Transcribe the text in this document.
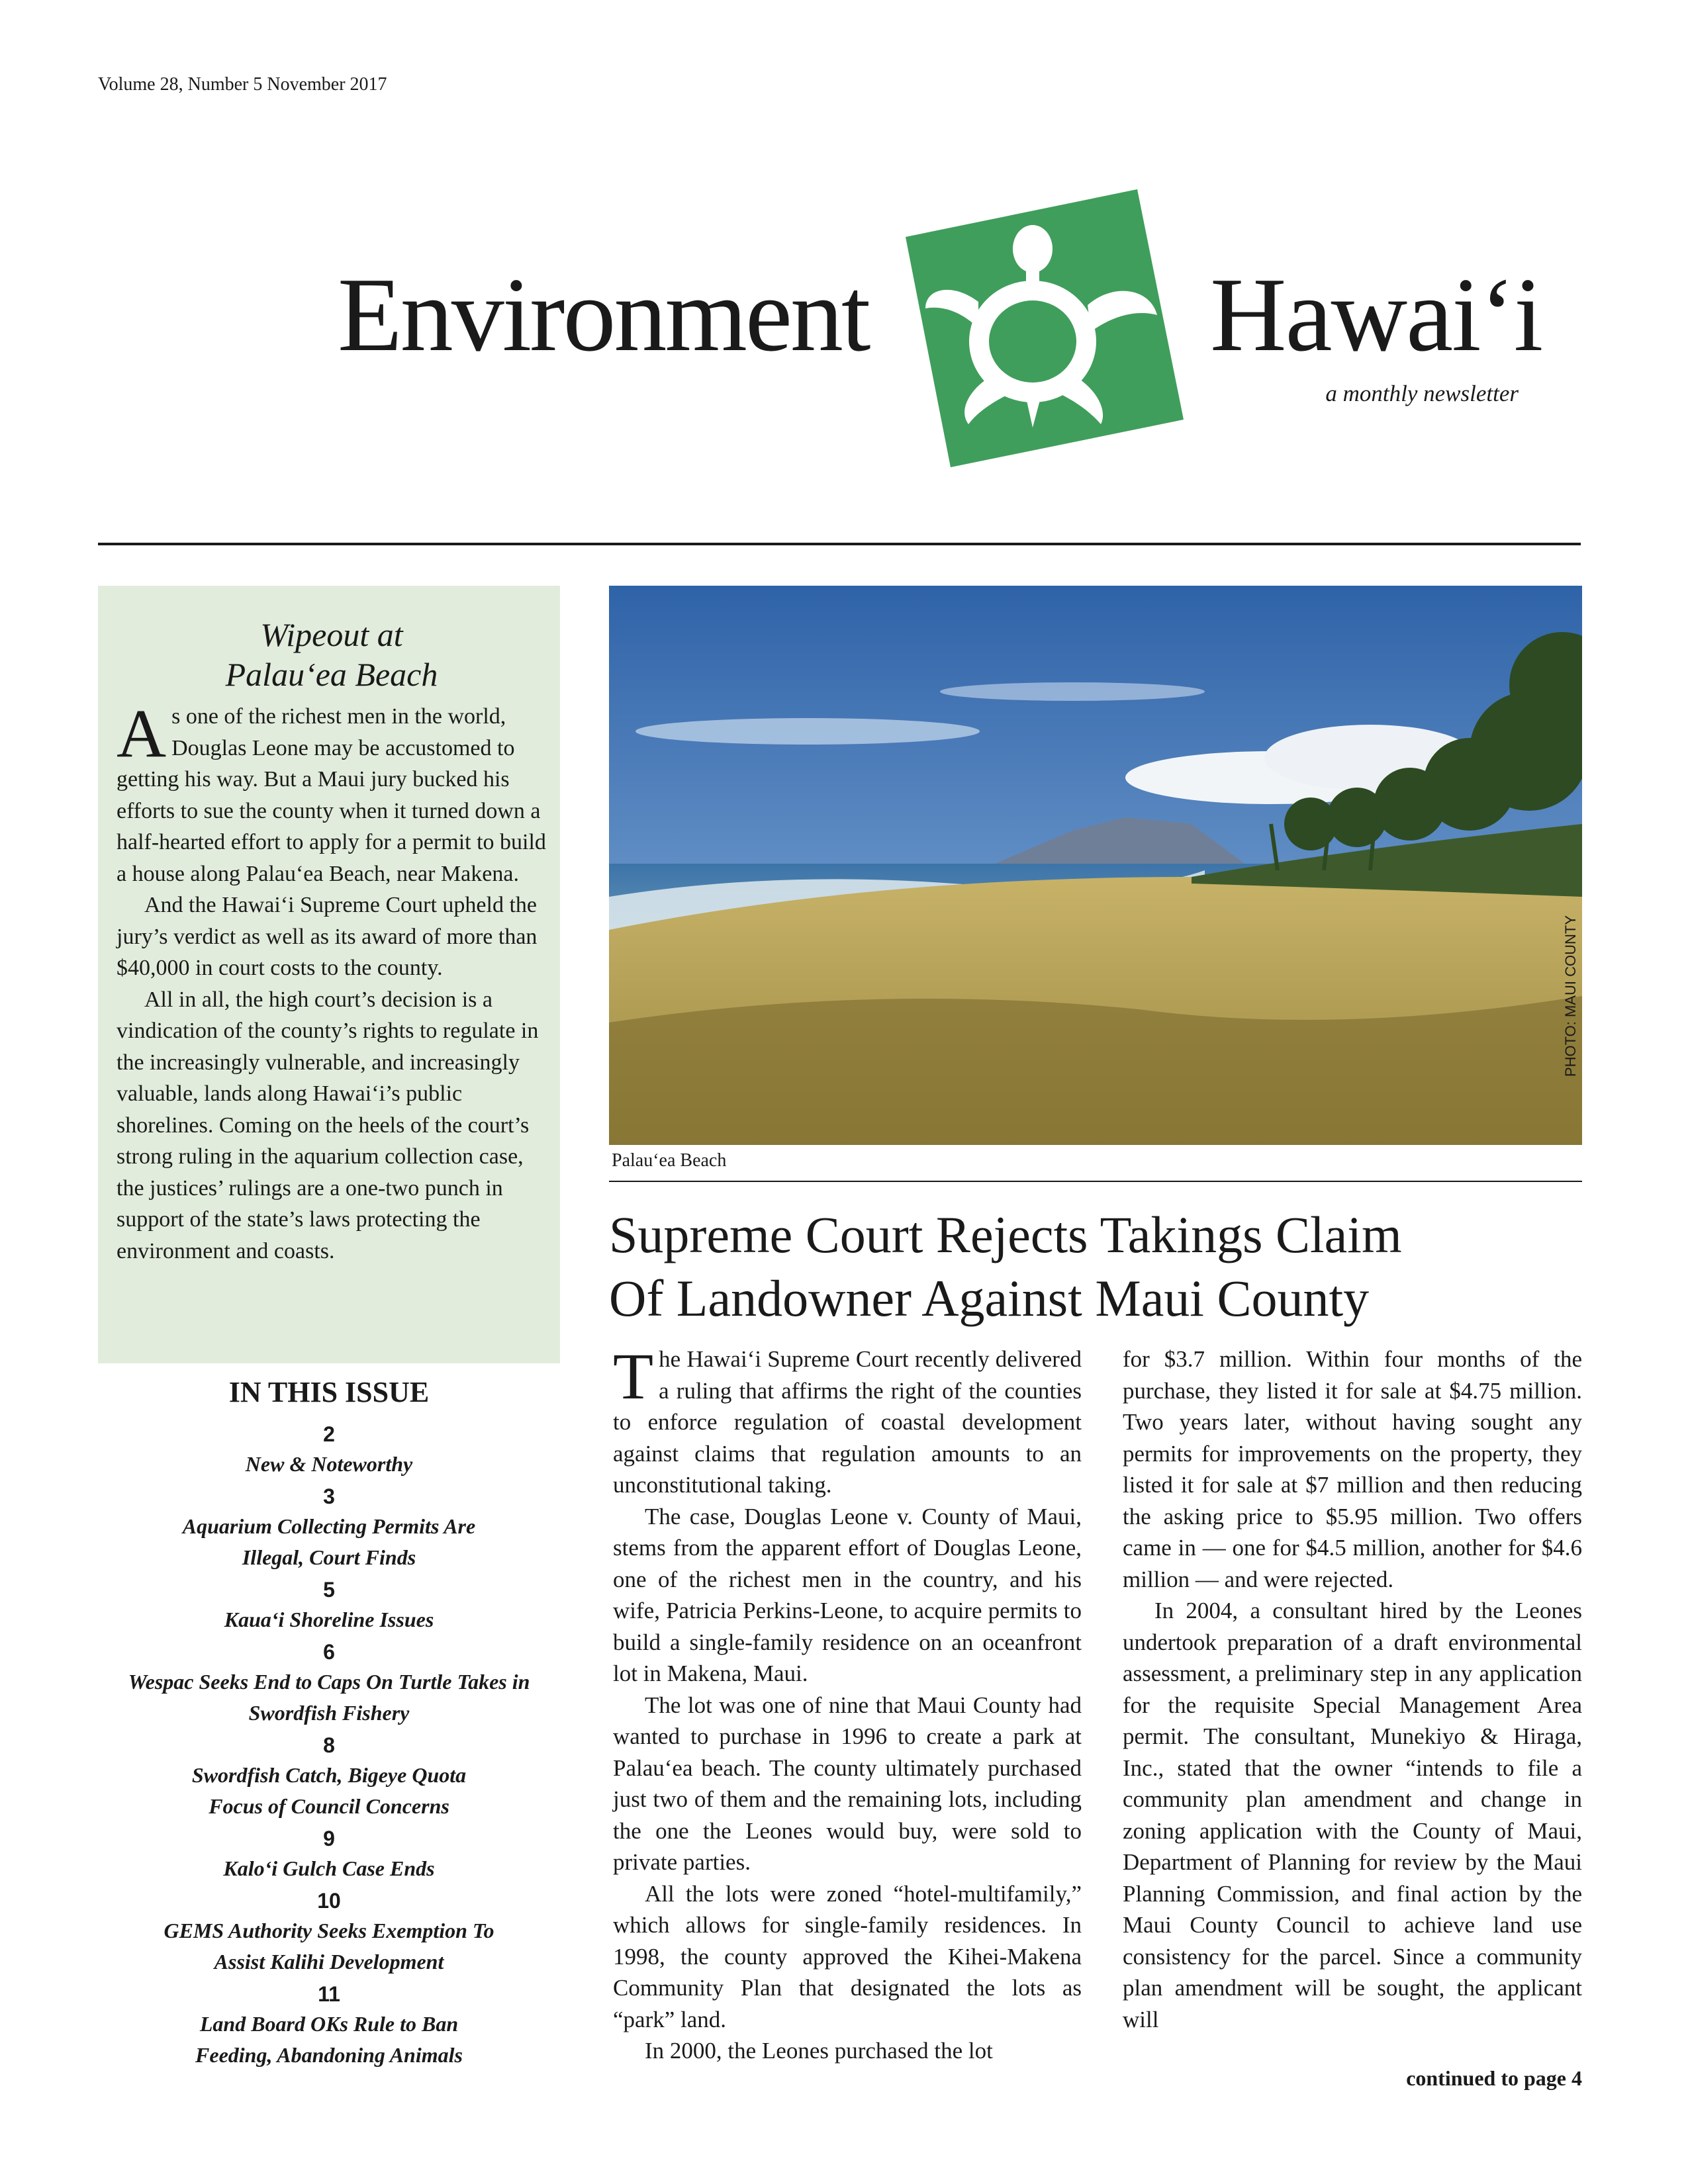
Volume 28, Number 5 November 2017
Environment	Hawai‘i
a monthly newsletter
Wipeout at
Palau‘ea Beach

As one of the richest men in the world, Douglas Leone may be accustomed to getting his way. But a Maui jury bucked his efforts to sue the county when it turned down a half-hearted effort to apply for a permit to build a house along Palau‘ea Beach, near Makena.

And the Hawai‘i Supreme Court upheld the jury’s verdict as well as its award of more than $40,000 in court costs to the county.

All in all, the high court’s decision is a vindication of the county’s rights to regulate in the increasingly vulnerable, and increasingly valuable, lands along Hawai‘i’s public shorelines. Coming on the heels of the court’s strong ruling in the aquarium collection case, the justices’ rulings are a one-two punch in support of the state’s laws protecting the environment and coasts.

IN THIS ISSUE
2
New & Noteworthy
3
Aquarium Collecting Permits Are Illegal, Court Finds
5
Kaua‘i Shoreline Issues
6
Wespac Seeks End to Caps On Turtle Takes in Swordfish Fishery
8
Swordfish Catch, Bigeye Quota Focus of Council Concerns
9
Kalo‘i Gulch Case Ends
10
GEMS Authority Seeks Exemption To Assist Kalihi Development
11
Land Board OKs Rule to Ban Feeding, Abandoning Animals
PHOTO: MAUI COUNTY
Palau‘ea Beach
Supreme Court Rejects Takings Claim
Of Landowner Against Maui County

The Hawai‘i Supreme Court recently delivered a ruling that affirms the right of the counties to enforce regulation of coastal development against claims that regulation amounts to an unconstitutional taking.

The case, Douglas Leone v. County of Maui, stems from the apparent effort of Douglas Leone, one of the richest men in the country, and his wife, Patricia Perkins-Leone, to acquire permits to build a single-family residence on an oceanfront lot in Makena, Maui.

The lot was one of nine that Maui County had wanted to purchase in 1996 to create a park at Palau‘ea beach. The county ultimately purchased just two of them and the remaining lots, including the one the Leones would buy, were sold to private parties.

All the lots were zoned “hotel-multifamily,” which allows for single-family residences. In 1998, the county approved the Kihei-Makena Community Plan that designated the lots as “park” land.

In 2000, the Leones purchased the lot

for $3.7 million. Within four months of the purchase, they listed it for sale at $4.75 million. Two years later, without having sought any permits for improvements on the property, they listed it for sale at $7 million and then reducing the asking price to $5.95 million. Two offers came in — one for $4.5 million, another for $4.6 million — and were rejected.

In 2004, a consultant hired by the Leones undertook preparation of a draft environmental assessment, a preliminary step in any application for the requisite Special Management Area permit. The consultant, Munekiyo & Hiraga, Inc., stated that the owner “intends to file a community plan amendment and change in zoning application with the County of Maui, Department of Planning for review by the Maui Planning Commission, and final action by the Maui County Council to achieve land use consistency for the parcel. Since a community plan amendment will be sought, the applicant will

continued to page 4
